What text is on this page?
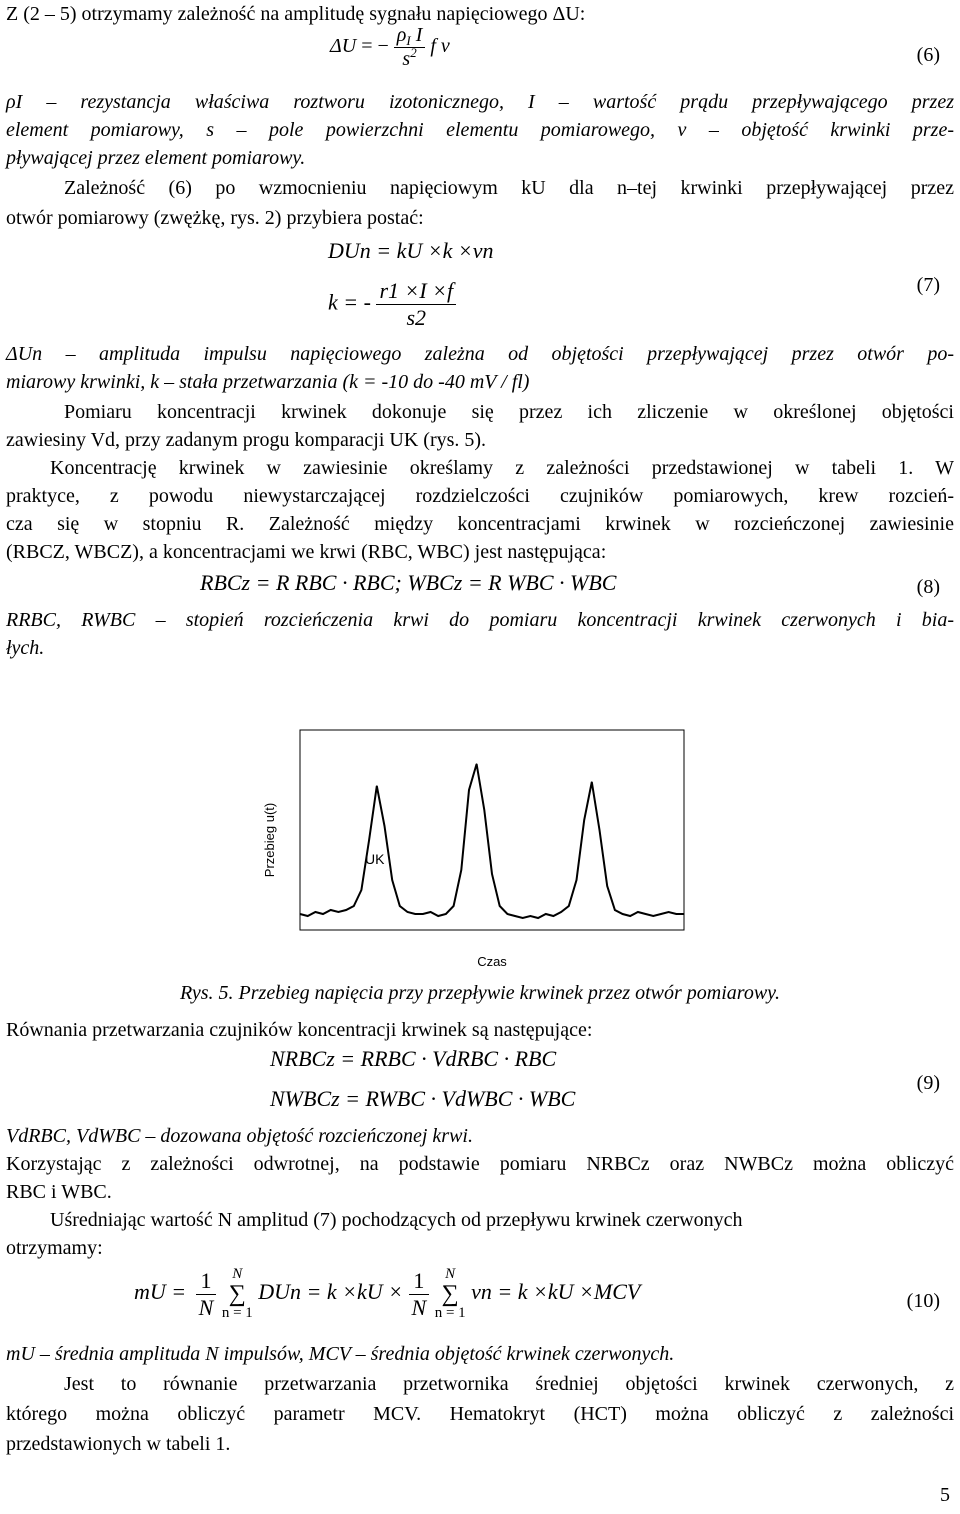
Z (2 – 5) otrzymamy zależność na amplitudę sygnału napięciowego ΔU:
ΔU = − $\frac{\rho_I I}{s^2}$ f v	(6)
ρI – rezystancja właściwa roztworu izotonicznego, I – wartość prądu przepływającego przez
element pomiarowy, s – pole powierzchni elementu pomiarowego, v – objętość krwinki prze-
pływającej przez element pomiarowy.
Zależność (6) po wzmocnieniu napięciowym kU dla n–tej krwinki przepływającej przez
otwór pomiarowy (zwężkę, rys. 2) przybiera postać:
DUn = kU ×k ×vn
k = - $\frac{r1 \times I \times f}{s2}$	(7)
ΔUn – amplituda impulsu napięciowego zależna od objętości przepływającej przez otwór po-
miarowy krwinki, k – stała przetwarzania (k = -10 do -40 mV / fl)
Pomiaru koncentracji krwinek dokonuje się przez ich zliczenie w określonej objętości
zawiesiny Vd, przy zadanym progu komparacji UK (rys. 5).
Koncentrację krwinek w zawiesinie określamy z zależności przedstawionej w tabeli 1. W
praktyce, z powodu niewystarczającej rozdzielczości czujników pomiarowych, krew rozcień-
cza się w stopniu R. Zależność między koncentracjami krwinek w rozcieńczonej zawiesinie
(RBCZ, WBCZ), a koncentracjami we krwi (RBC, WBC) jest następująca:
RBCz = R RBC · RBC; WBCz = R WBC · WBC	(8)
RRBC, RWBC – stopień rozcieńczenia krwi do pomiaru koncentracji krwinek czerwonych i bia-
łych.
Przebieg u(t)
Czas
UK
Rys. 5. Przebieg napięcia przy przepływie krwinek przez otwór pomiarowy.
Równania przetwarzania czujników koncentracji krwinek są następujące:
NRBCz = RRBC · VdRBC · RBC
NWBCz = RWBC · VdWBC · WBC
(9)
VdRBC, VdWBC – dozowana objętość rozcieńczonej krwi.
Korzystając z zależności odwrotnej, na podstawie pomiaru NRBCz oraz NWBCz można obliczyć
RBC i WBC.
Uśredniając wartość N amplitud (7) pochodzących od przepływu krwinek czerwonych
otrzymamy:
mU = $\frac{1}{N}$
	N
∑
n = 1
DUn = $k \times kU \times \frac{1}{N}$
	N
∑
n = 1
vn = k ×kU ×MCV	(10)
mU – średnia amplituda N impulsów, MCV – średnia objętość krwinek czerwonych.
Jest to równanie przetwarzania przetwornika średniej objętości krwinek czerwonych, z
którego można obliczyć parametr MCV. Hematokryt (HCT) można obliczyć z zależności
przedstawionych w tabeli 1.
5
